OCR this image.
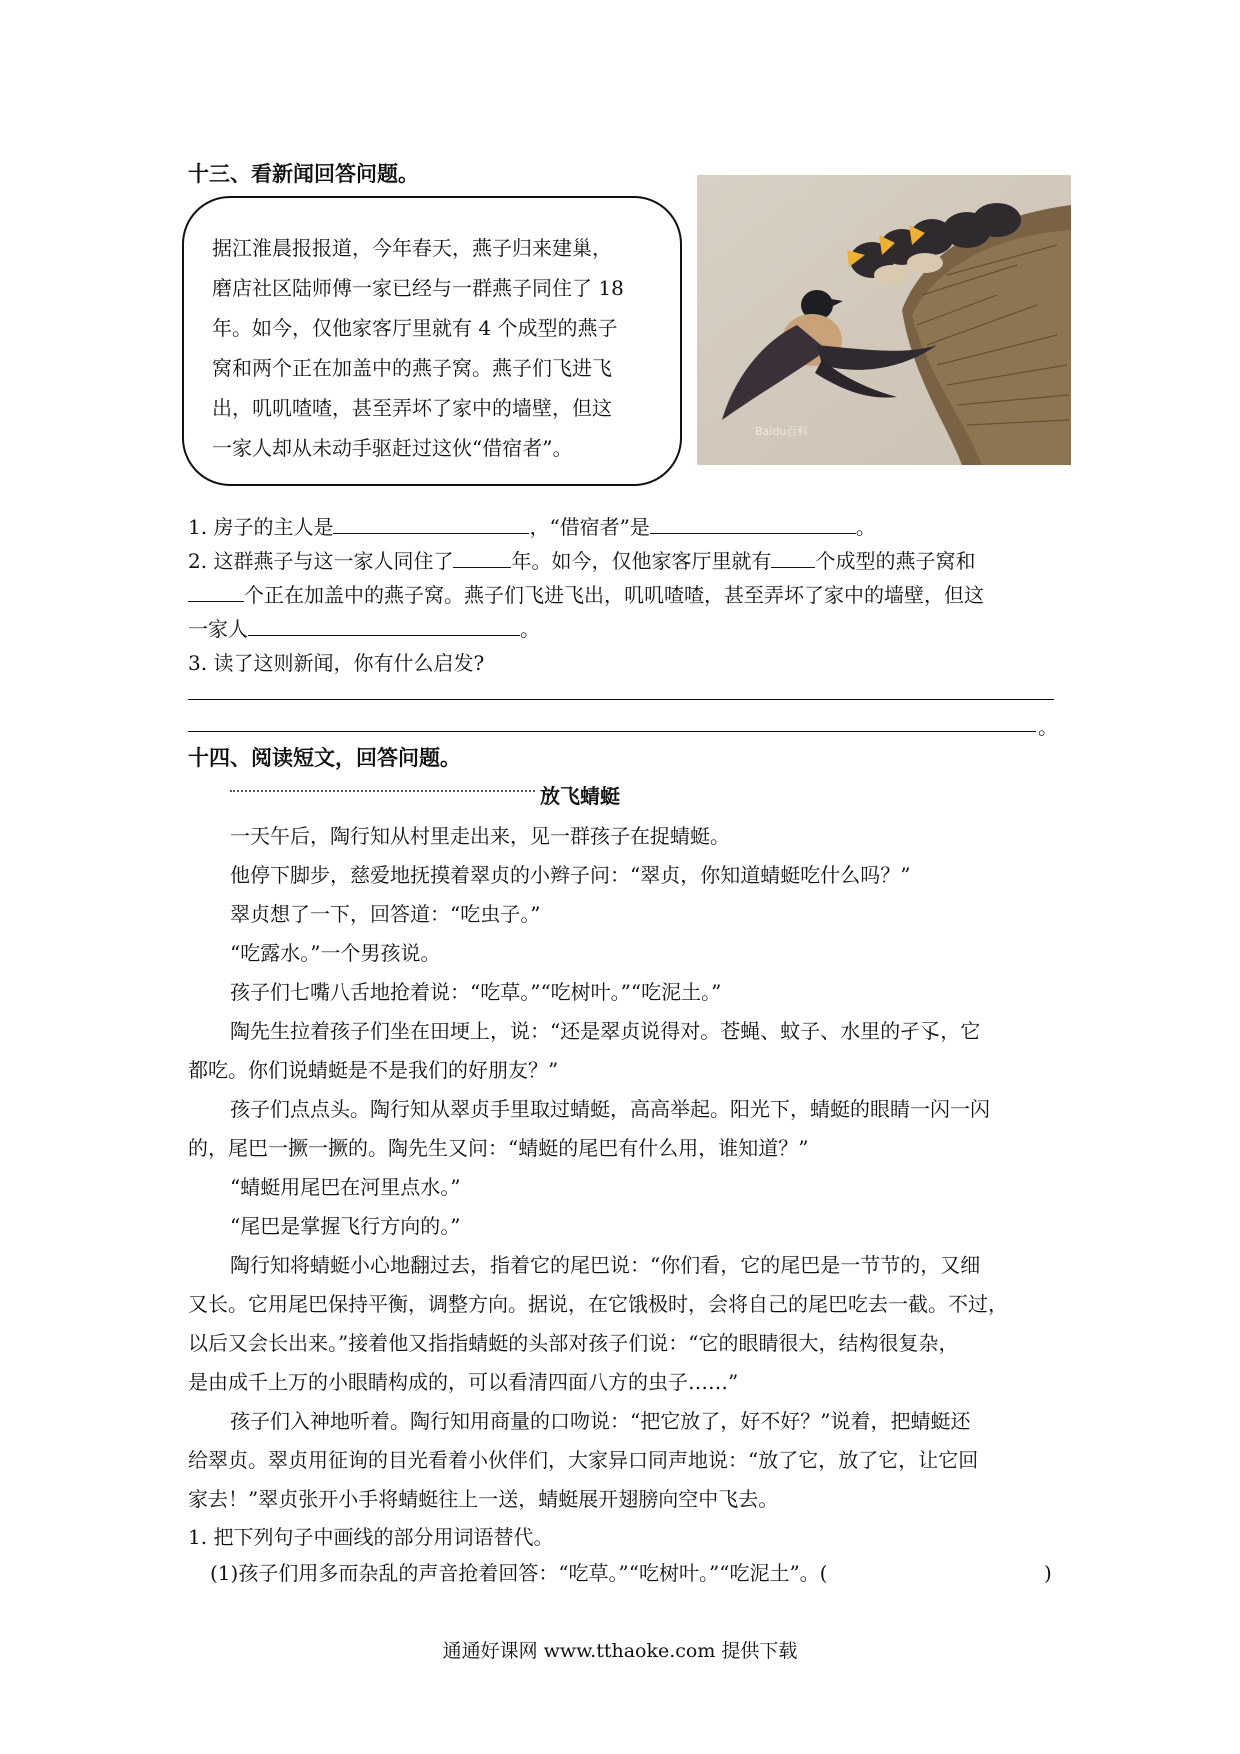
十三、看新闻回答问题。
据江淮晨报报道，今年春天，燕子归来建巢，
磨店社区陆师傅一家已经与一群燕子同住了 18
年。如今，仅他家客厅里就有 4 个成型的燕子
窝和两个正在加盖中的燕子窝。燕子们飞进飞
出，叽叽喳喳，甚至弄坏了家中的墙壁，但这
一家人却从未动手驱赶过这伙“借宿者”。
Baidu百科
1. 房子的主人是	，“借宿者”是	。
2. 这群燕子与这一家人同住了	年。如今，仅他家客厅里就有 个成型的燕子窝和
个正在加盖中的燕子窝。燕子们飞进飞出，叽叽喳喳，甚至弄坏了家中的墙壁，但这
一家人	。
3. 读了这则新闻，你有什么启发?
。
十四、阅读短文，回答问题。
放飞蜻蜓
一天午后，陶行知从村里走出来，见一群孩子在捉蜻蜓。
他停下脚步，慈爱地抚摸着翠贞的小辫子问：“翠贞，你知道蜻蜓吃什么吗？”
翠贞想了一下，回答道：“吃虫子。”
“吃露水。”一个男孩说。
孩子们七嘴八舌地抢着说：“吃草。”“吃树叶。”“吃泥土。”
陶先生拉着孩子们坐在田埂上，说：“还是翠贞说得对。苍蝇、蚊子、水里的孑孓，它
都吃。你们说蜻蜓是不是我们的好朋友？”
孩子们点点头。陶行知从翠贞手里取过蜻蜓，高高举起。阳光下，蜻蜓的眼睛一闪一闪
的，尾巴一撅一撅的。陶先生又问：“蜻蜓的尾巴有什么用，谁知道？”
“蜻蜓用尾巴在河里点水。”
“尾巴是掌握飞行方向的。”
陶行知将蜻蜓小心地翻过去，指着它的尾巴说：“你们看，它的尾巴是一节节的，又细
又长。它用尾巴保持平衡，调整方向。据说，在它饿极时，会将自己的尾巴吃去一截。不过，
以后又会长出来。”接着他又指指蜻蜓的头部对孩子们说：“它的眼睛很大，结构很复杂，
是由成千上万的小眼睛构成的，可以看清四面八方的虫子……”
孩子们入神地听着。陶行知用商量的口吻说：“把它放了，好不好？”说着，把蜻蜓还
给翠贞。翠贞用征询的目光看着小伙伴们，大家异口同声地说：“放了它，放了它，让它回
家去！”翠贞张开小手将蜻蜓往上一送，蜻蜓展开翅膀向空中飞去。
1. 把下列句子中画线的部分用词语替代。
(1)孩子们用多而杂乱的声音抢着回答：“吃草。”“吃树叶。”“吃泥土”。(	)
通通好课网 www.tthaoke.com 提供下载
